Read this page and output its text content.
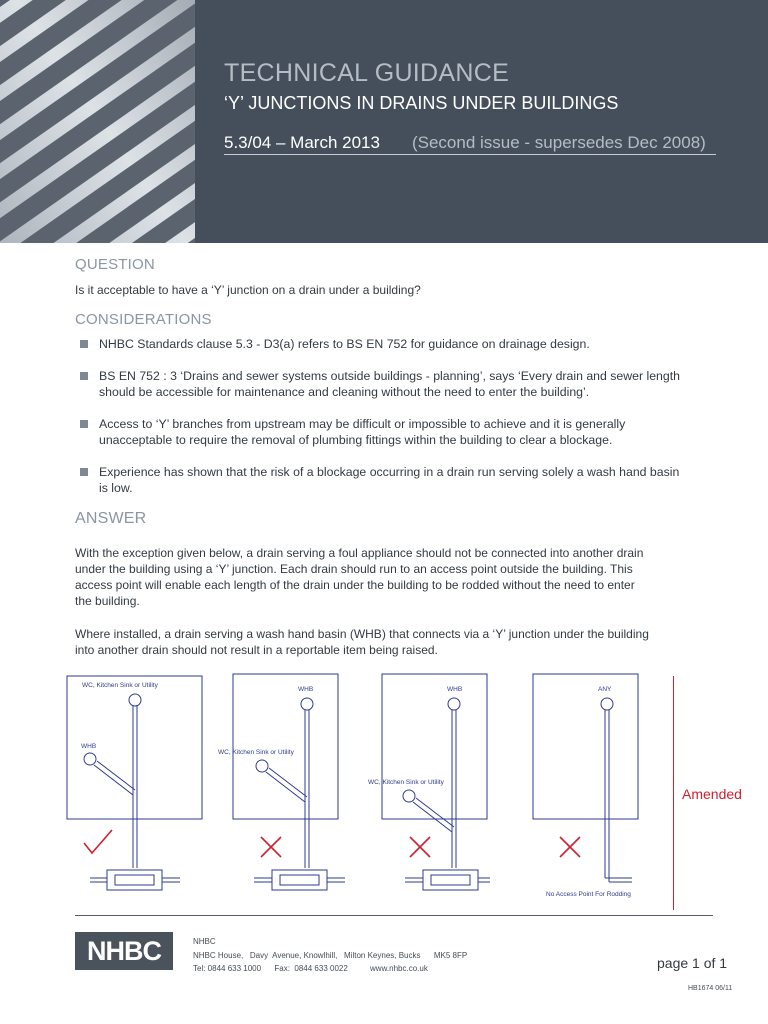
TECHNICAL GUIDANCE
‘Y’ JUNCTIONS IN DRAINS UNDER BUILDINGS
5.3/04 – March 2013 (Second issue - supersedes Dec 2008)
QUESTION
Is it acceptable to have a ‘Y’ junction on a drain under a building?
CONSIDERATIONS
NHBC Standards clause 5.3 - D3(a) refers to BS EN 752 for guidance on drainage design.
BS EN 752 : 3 ‘Drains and sewer systems outside buildings - planning’, says ‘Every drain and sewer length should be accessible for maintenance and cleaning without the need to enter the building’.
Access to ‘Y’ branches from upstream may be difficult or impossible to achieve and it is generally unacceptable to require the removal of plumbing fittings within the building to clear a blockage.
Experience has shown that the risk of a blockage occurring in a drain run serving solely a wash hand basin is low.
ANSWER
With the exception given below, a drain serving a foul appliance should not be connected into another drain under the building using a ‘Y’ junction. Each drain should run to an access point outside the building. This access point will enable each length of the drain under the building to be rodded without the need to enter the building.
Where installed, a drain serving a wash hand basin (WHB) that connects via a ‘Y’ junction under the building into another drain should not result in a reportable item being raised.
WC, Kitchen Sink or Utility
WHB
WHB
WC, Kitchen Sink or Utility
WHB
WC, Kitchen Sink or Utility
ANY
No Access Point For Rodding
Amended
NHBC	NHBC
NHBC House,   Davy  Avenue, Knowlhill,   Milton Keynes, Bucks      MK5 8FP
Tel: 0844 633 1000      Fax:  0844 633 0022          www.nhbc.co.uk	page 1 of 1
HB1674 06/11
